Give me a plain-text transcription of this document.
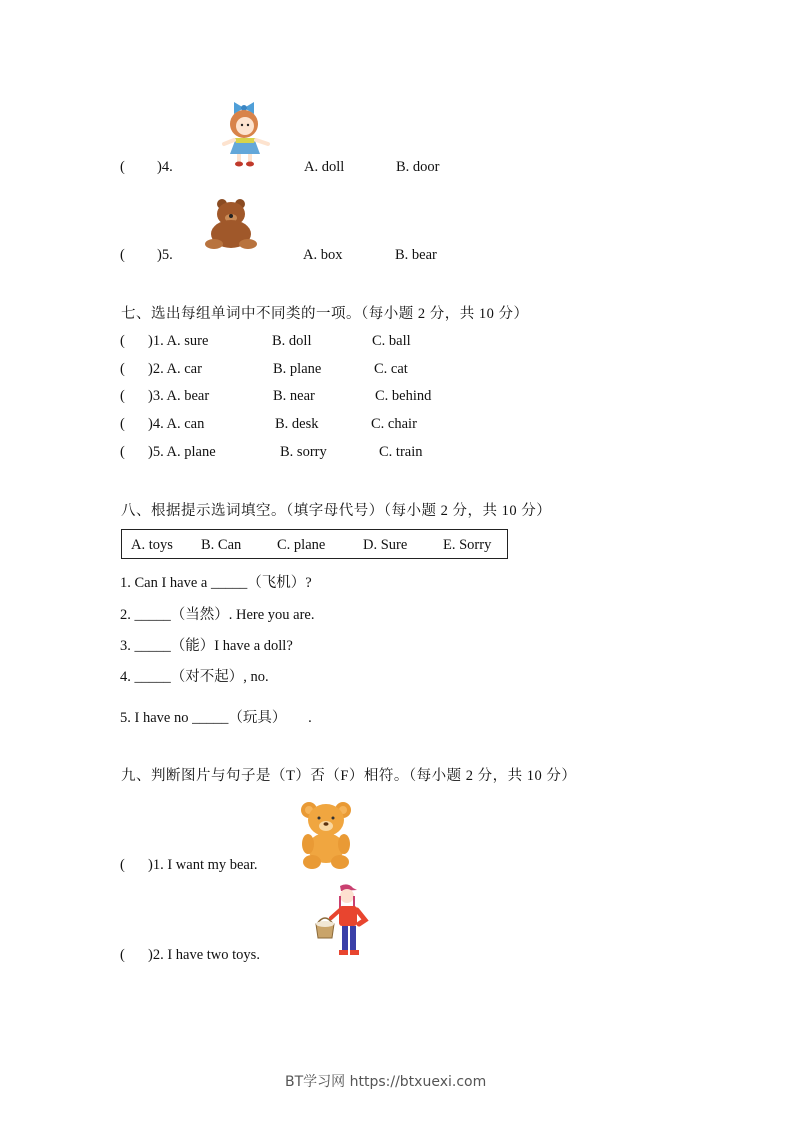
( )4.	A. doll	B. door
( )5.	A. box	B. bear
七、选出每组单词中不同类的一项。（每小题 2 分，共 10 分）
( )1. A. sure	B. doll	C. ball
( )2. A. car	B. plane	C. cat
( )3. A. bear	B. near	C. behind
( )4. A. can	B. desk	C. chair
( )5. A. plane	B. sorry	C. train
八、根据提示选词填空。（填字母代号）（每小题 2 分，共 10 分）
A. toys B. Can C. plane	D. Sure E. Sorry
1. Can I have a _____（飞机）?
2. _____（当然）. Here you are.
3. _____（能）I have a doll?
4. _____（对不起）, no.
5. I have no _____（玩具）      .
九、判断图片与句子是（T）否（F）相符。（每小题 2 分，共 10 分）
( )1. I want my bear.
( )2. I have two toys.
BT学习网 https://btxuexi.com
